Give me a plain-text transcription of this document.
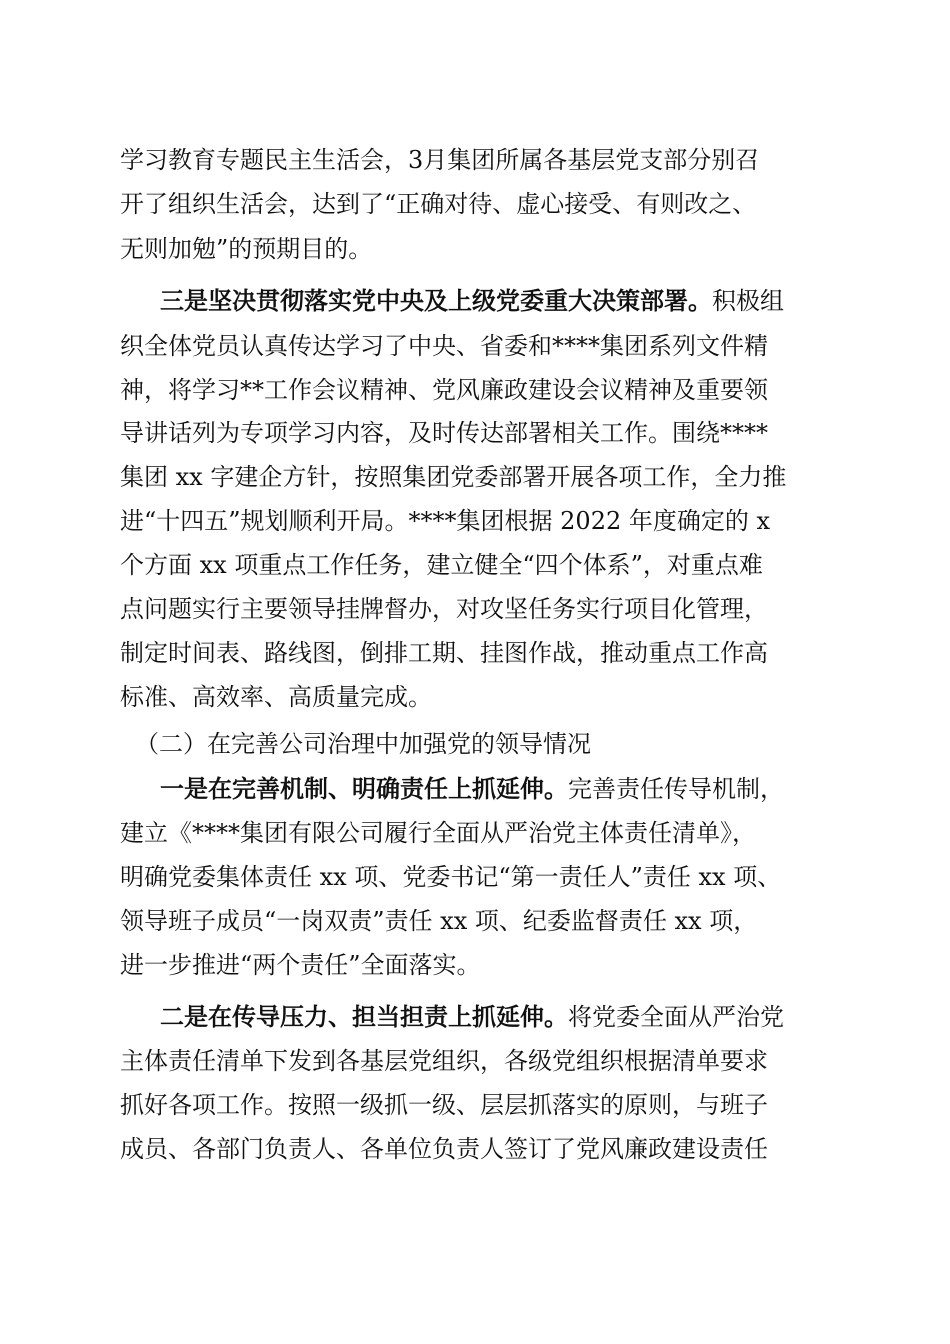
学习教育专题民主生活会，3月集团所属各基层党支部分别召
开了组织生活会，达到了“正确对待、虚心接受、有则改之、
无则加勉”的预期目的。
三是坚决贯彻落实党中央及上级党委重大决策部署。积极组
织全体党员认真传达学习了中央、省委和****集团系列文件精
神，将学习**工作会议精神、党风廉政建设会议精神及重要领
导讲话列为专项学习内容，及时传达部署相关工作。围绕****
集团 xx 字建企方针，按照集团党委部署开展各项工作，全力推
进“十四五”规划顺利开局。****集团根据 2022 年度确定的 x
个方面 xx 项重点工作任务，建立健全“四个体系”，对重点难
点问题实行主要领导挂牌督办，对攻坚任务实行项目化管理，
制定时间表、路线图，倒排工期、挂图作战，推动重点工作高
标准、高效率、高质量完成。
（二）在完善公司治理中加强党的领导情况
一是在完善机制、明确责任上抓延伸。完善责任传导机制，
建立《****集团有限公司履行全面从严治党主体责任清单》，
明确党委集体责任 xx 项、党委书记“第一责任人”责任 xx 项、
领导班子成员“一岗双责”责任 xx 项、纪委监督责任 xx 项，
进一步推进“两个责任”全面落实。
二是在传导压力、担当担责上抓延伸。将党委全面从严治党
主体责任清单下发到各基层党组织，各级党组织根据清单要求
抓好各项工作。按照一级抓一级、层层抓落实的原则，与班子
成员、各部门负责人、各单位负责人签订了党风廉政建设责任
